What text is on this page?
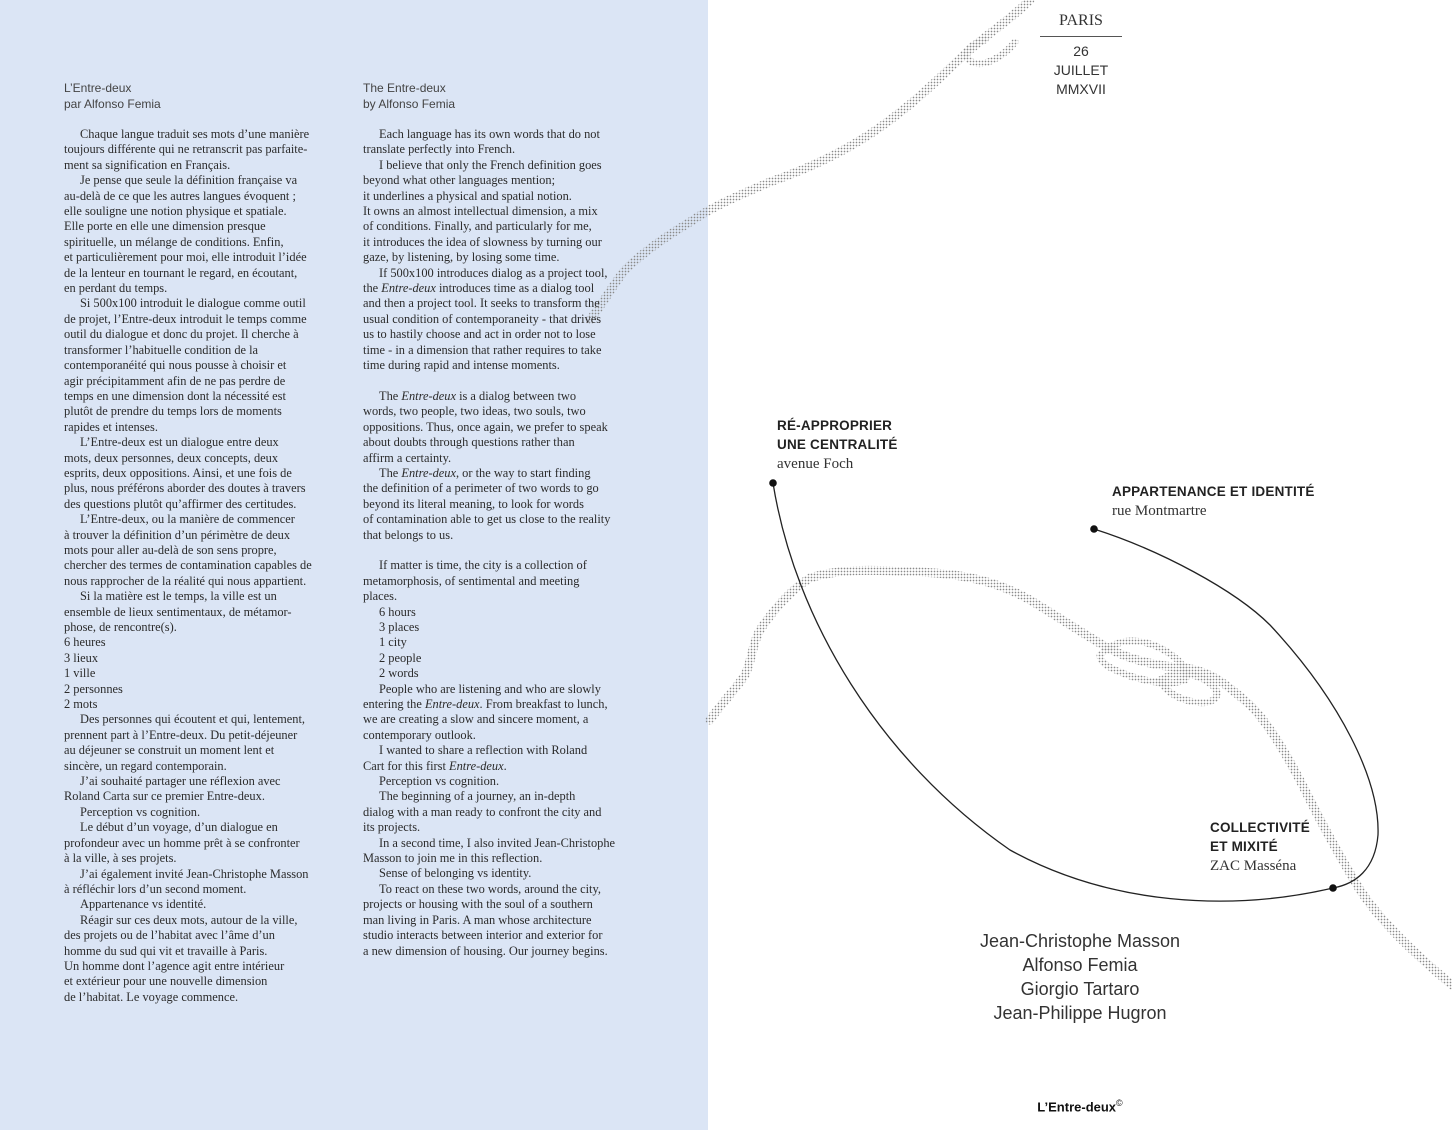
L’Entre-deux
par Alfonso Femia

Chaque langue traduit ses mots d’une manière

toujours différente qui ne retranscrit pas parfaite-

ment sa signification en Français.

Je pense que seule la définition française va

au-delà de ce que les autres langues évoquent ;

elle souligne une notion physique et spatiale.

Elle porte en elle une dimension presque

spirituelle, un mélange de conditions. Enfin,

et particulièrement pour moi, elle introduit l’idée

de la lenteur en tournant le regard, en écoutant,

en perdant du temps.

Si 500x100 introduit le dialogue comme outil

de projet, l’Entre-deux introduit le temps comme

outil du dialogue et donc du projet. Il cherche à

transformer l’habituelle condition de la

contemporanéité qui nous pousse à choisir et

agir précipitamment afin de ne pas perdre de

temps en une dimension dont la nécessité est

plutôt de prendre du temps lors de moments

rapides et intenses.

L’Entre-deux est un dialogue entre deux

mots, deux personnes, deux concepts, deux

esprits, deux oppositions. Ainsi, et une fois de

plus, nous préférons aborder des doutes à travers

des questions plutôt qu’affirmer des certitudes.

L’Entre-deux, ou la manière de commencer

à trouver la définition d’un périmètre de deux

mots pour aller au-delà de son sens propre,

chercher des termes de contamination capables de

nous rapprocher de la réalité qui nous appartient.

Si la matière est le temps, la ville est un

ensemble de lieux sentimentaux, de métamor-

phose, de rencontre(s).

6 heures

3 lieux

1 ville

2 personnes

2 mots

Des personnes qui écoutent et qui, lentement,

prennent part à l’Entre-deux. Du petit-déjeuner

au déjeuner se construit un moment lent et

sincère, un regard contemporain.

J’ai souhaité partager une réflexion avec

Roland Carta sur ce premier Entre-deux.

Perception vs cognition.

Le début d’un voyage, d’un dialogue en

profondeur avec un homme prêt à se confronter

à la ville, à ses projets.

J’ai également invité Jean-Christophe Masson

à réfléchir lors d’un second moment.

Appartenance vs identité.

Réagir sur ces deux mots, autour de la ville,

des projets ou de l’habitat avec l’âme d’un

homme du sud qui vit et travaille à Paris.

Un homme dont l’agence agit entre intérieur

et extérieur pour une nouvelle dimension

de l’habitat. Le voyage commence.

The Entre-deux
by Alfonso Femia

Each language has its own words that do not

translate perfectly into French.

I believe that only the French definition goes

beyond what other languages mention;

it underlines a physical and spatial notion.

It owns an almost intellectual dimension, a mix

of conditions. Finally, and particularly for me,

it introduces the idea of slowness by turning our

gaze, by listening, by losing some time.

If 500x100 introduces dialog as a project tool,

the Entre-deux introduces time as a dialog tool

and then a project tool. It seeks to transform the

usual condition of contemporaneity - that drives

us to hastily choose and act in order not to lose

time - in a dimension that rather requires to take

time during rapid and intense moments.

The Entre-deux is a dialog between two

words, two people, two ideas, two souls, two

oppositions. Thus, once again, we prefer to speak

about doubts through questions rather than

affirm a certainty.

The Entre-deux, or the way to start finding

the definition of a perimeter of two words to go

beyond its literal meaning, to look for words

of contamination able to get us close to the reality

that belongs to us.

If matter is time, the city is a collection of

metamorphosis, of sentimental and meeting

places.

6 hours

3 places

1 city

2 people

2 words

People who are listening and who are slowly

entering the Entre-deux. From breakfast to lunch,

we are creating a slow and sincere moment, a

contemporary outlook.

I wanted to share a reflection with Roland

Cart for this first Entre-deux.

Perception vs cognition.

The beginning of a journey, an in-depth

dialog with a man ready to confront the city and

its projects.

In a second time, I also invited Jean-Christophe

Masson to join me in this reflection.

Sense of belonging vs identity.

To react on these two words, around the city,

projects or housing with the soul of a southern

man living in Paris. A man whose architecture

studio interacts between interior and exterior for

a new dimension of housing. Our journey begins.

PARIS
26
JUILLET
MMXVII
RÉ-APPROPRIER
UNE CENTRALITÉ
avenue Foch
APPARTENANCE ET IDENTITÉ
rue Montmartre
COLLECTIVITÉ
ET MIXITÉ
ZAC Masséna
Jean-Christophe Masson
Alfonso Femia
Giorgio Tartaro
Jean-Philippe Hugron
L’Entre-deux©
